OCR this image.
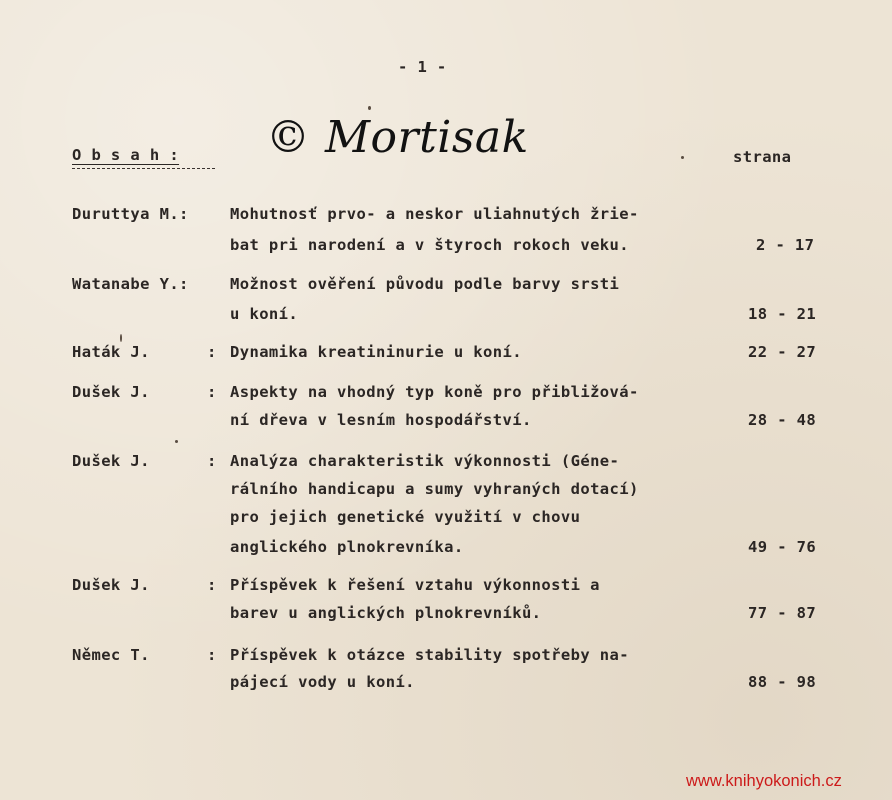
- 1 -
O b s a h :	strana
© Mortisak
Duruttya M.:	Mohutnosť prvo- a neskor uliahnutých žrie-
bat pri narodení a v štyroch rokoch veku.	2 - 17
Watanabe Y.:	Možnost ověření původu podle barvy srsti
u koní.	18 - 21
Haták J.	: Dynamika kreatininurie u koní.	22 - 27
Dušek J.	: Aspekty na vhodný typ koně pro přibližová-
ní dřeva v lesním hospodářství.	28 - 48
Dušek J.	: Analýza charakteristik výkonnosti (Géne-
rálního handicapu a sumy vyhraných dotací)
pro jejich genetické využití v chovu
anglického plnokrevníka.	49 - 76
Dušek J.	: Příspěvek k řešení vztahu výkonnosti a
barev u anglických plnokrevníků.	77 - 87
Němec T.	: Příspěvek k otázce stability spotřeby na-
pájecí vody u koní.	88 - 98
www.knihyokonich.cz
